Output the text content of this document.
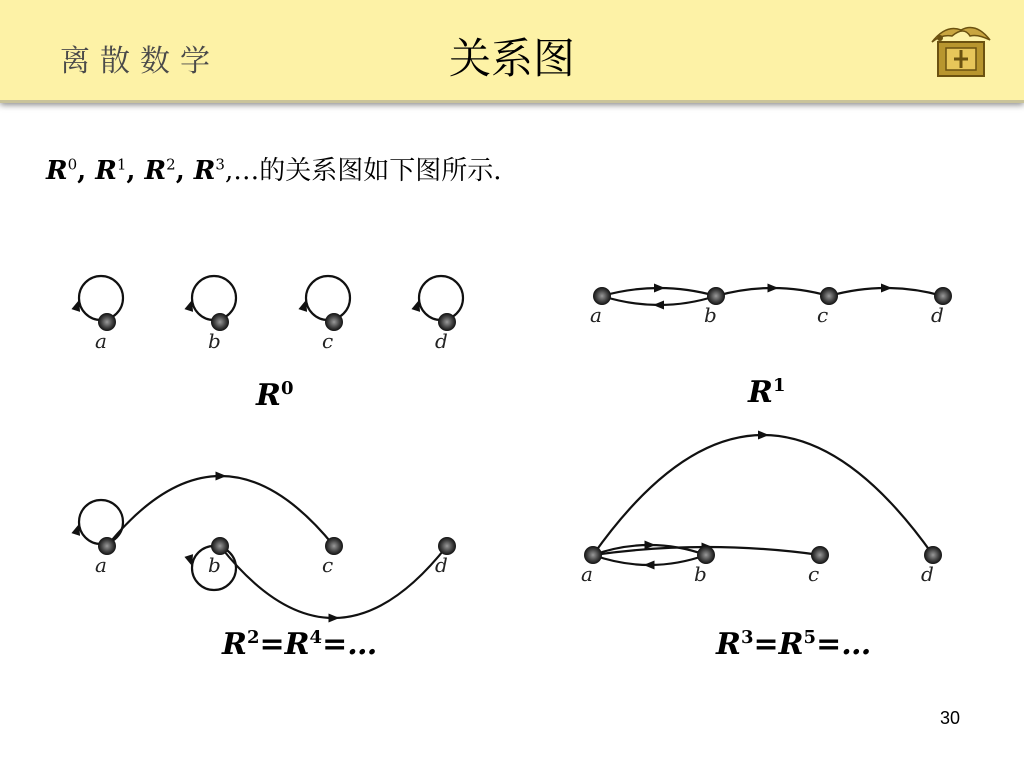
离散数学	关系图
$R^0$, $R^1$, $R^2$, $R^3,\dots$的关系图如下图所示.
a	b	c	d
a	b	c	d
a	b	c	d	a	b	c	d
$R^0$	$R^1$
$R^2=R^4=\dots$	$R^3=R^5=\dots$
30
